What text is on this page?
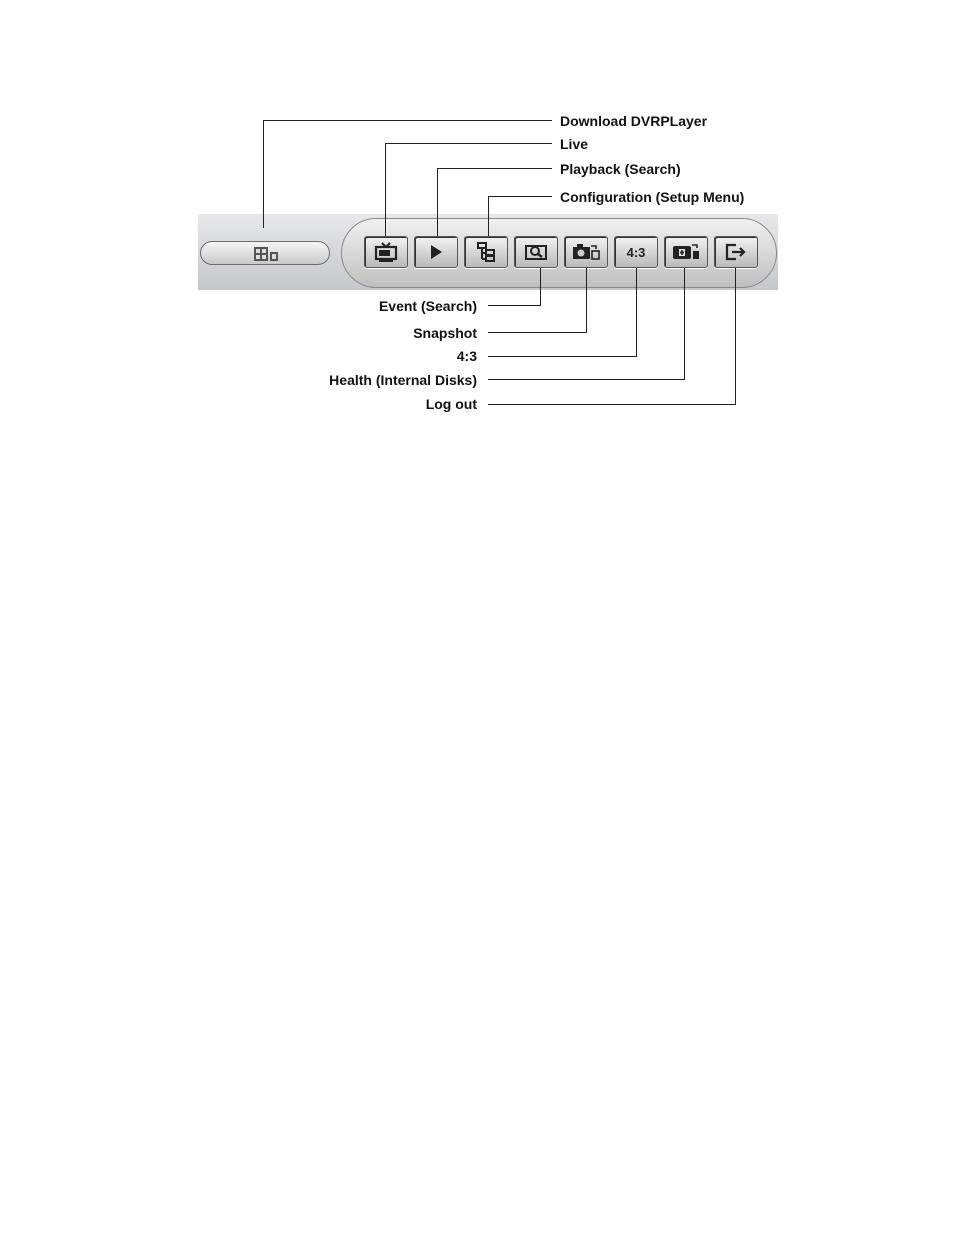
Download DVRPLayer
Live
Playback (Search)
Configuration (Setup Menu)
Event (Search)
Snapshot
4:3
Health (Internal Disks)
Log out
4:3
